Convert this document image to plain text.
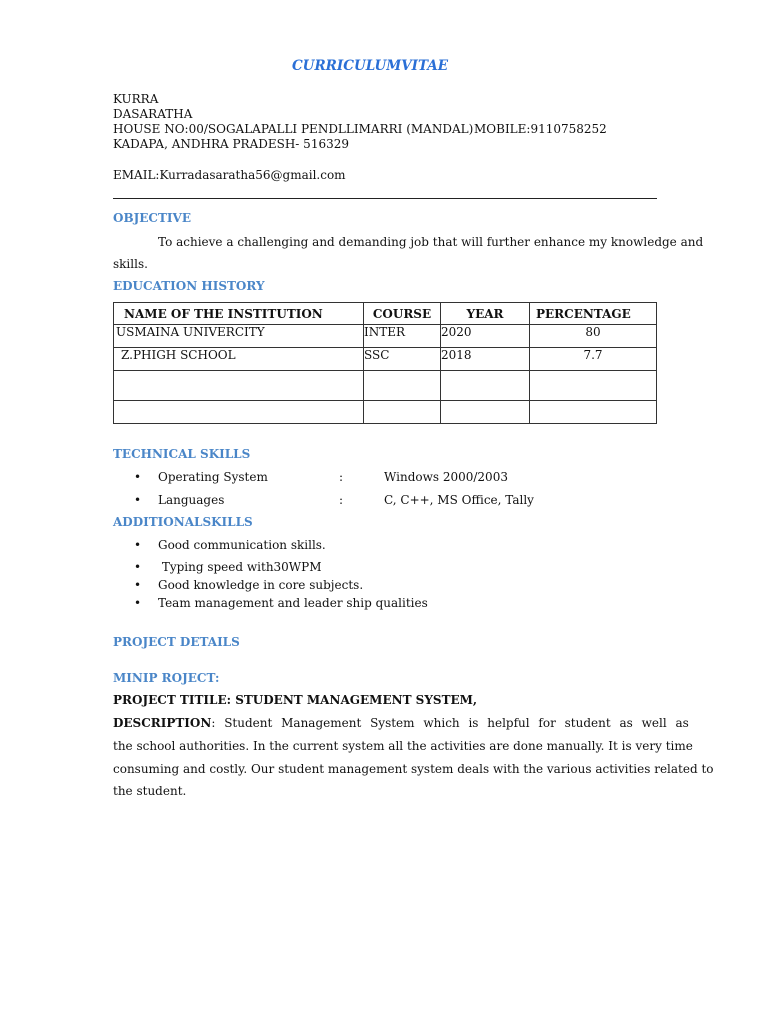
CURRICULUMVITAE
KURRA
DASARATHA
HOUSE NO:00/SOGALAPALLI PENDLLIMARRI (MANDAL) MOBILE:9110758252
KADAPA, ANDHRA PRADESH- 516329
EMAIL:Kurradasaratha56@gmail.com
OBJECTIVE
To achieve a challenging and demanding job that will further enhance my knowledge and
skills.
EDUCATION HISTORY
NAME OF THE INSTITUTION	COURSE	YEAR	PERCENTAGE
USMAINA UNIVERCITY	INTER	2020	80
Z.PHIGH SCHOOL	SSC	2018	7.7

TECHNICAL SKILLS
• Operating System	:	Windows 2000/2003
• Languages	:	C, C++, MS Office, Tally
ADDITIONALSKILLS
• Good communication skills.
• Typing speed with30WPM
• Good knowledge in core subjects.
• Team management and leader ship qualities
PROJECT DETAILS
MINIP ROJECT:
PROJECT TITILE: STUDENT MANAGEMENT SYSTEM,
DESCRIPTION: Student Management System which is helpful for student as well as
the school authorities. In the current system all the activities are done manually. It is very time
consuming and costly. Our student management system deals with the various activities related to
the student.
